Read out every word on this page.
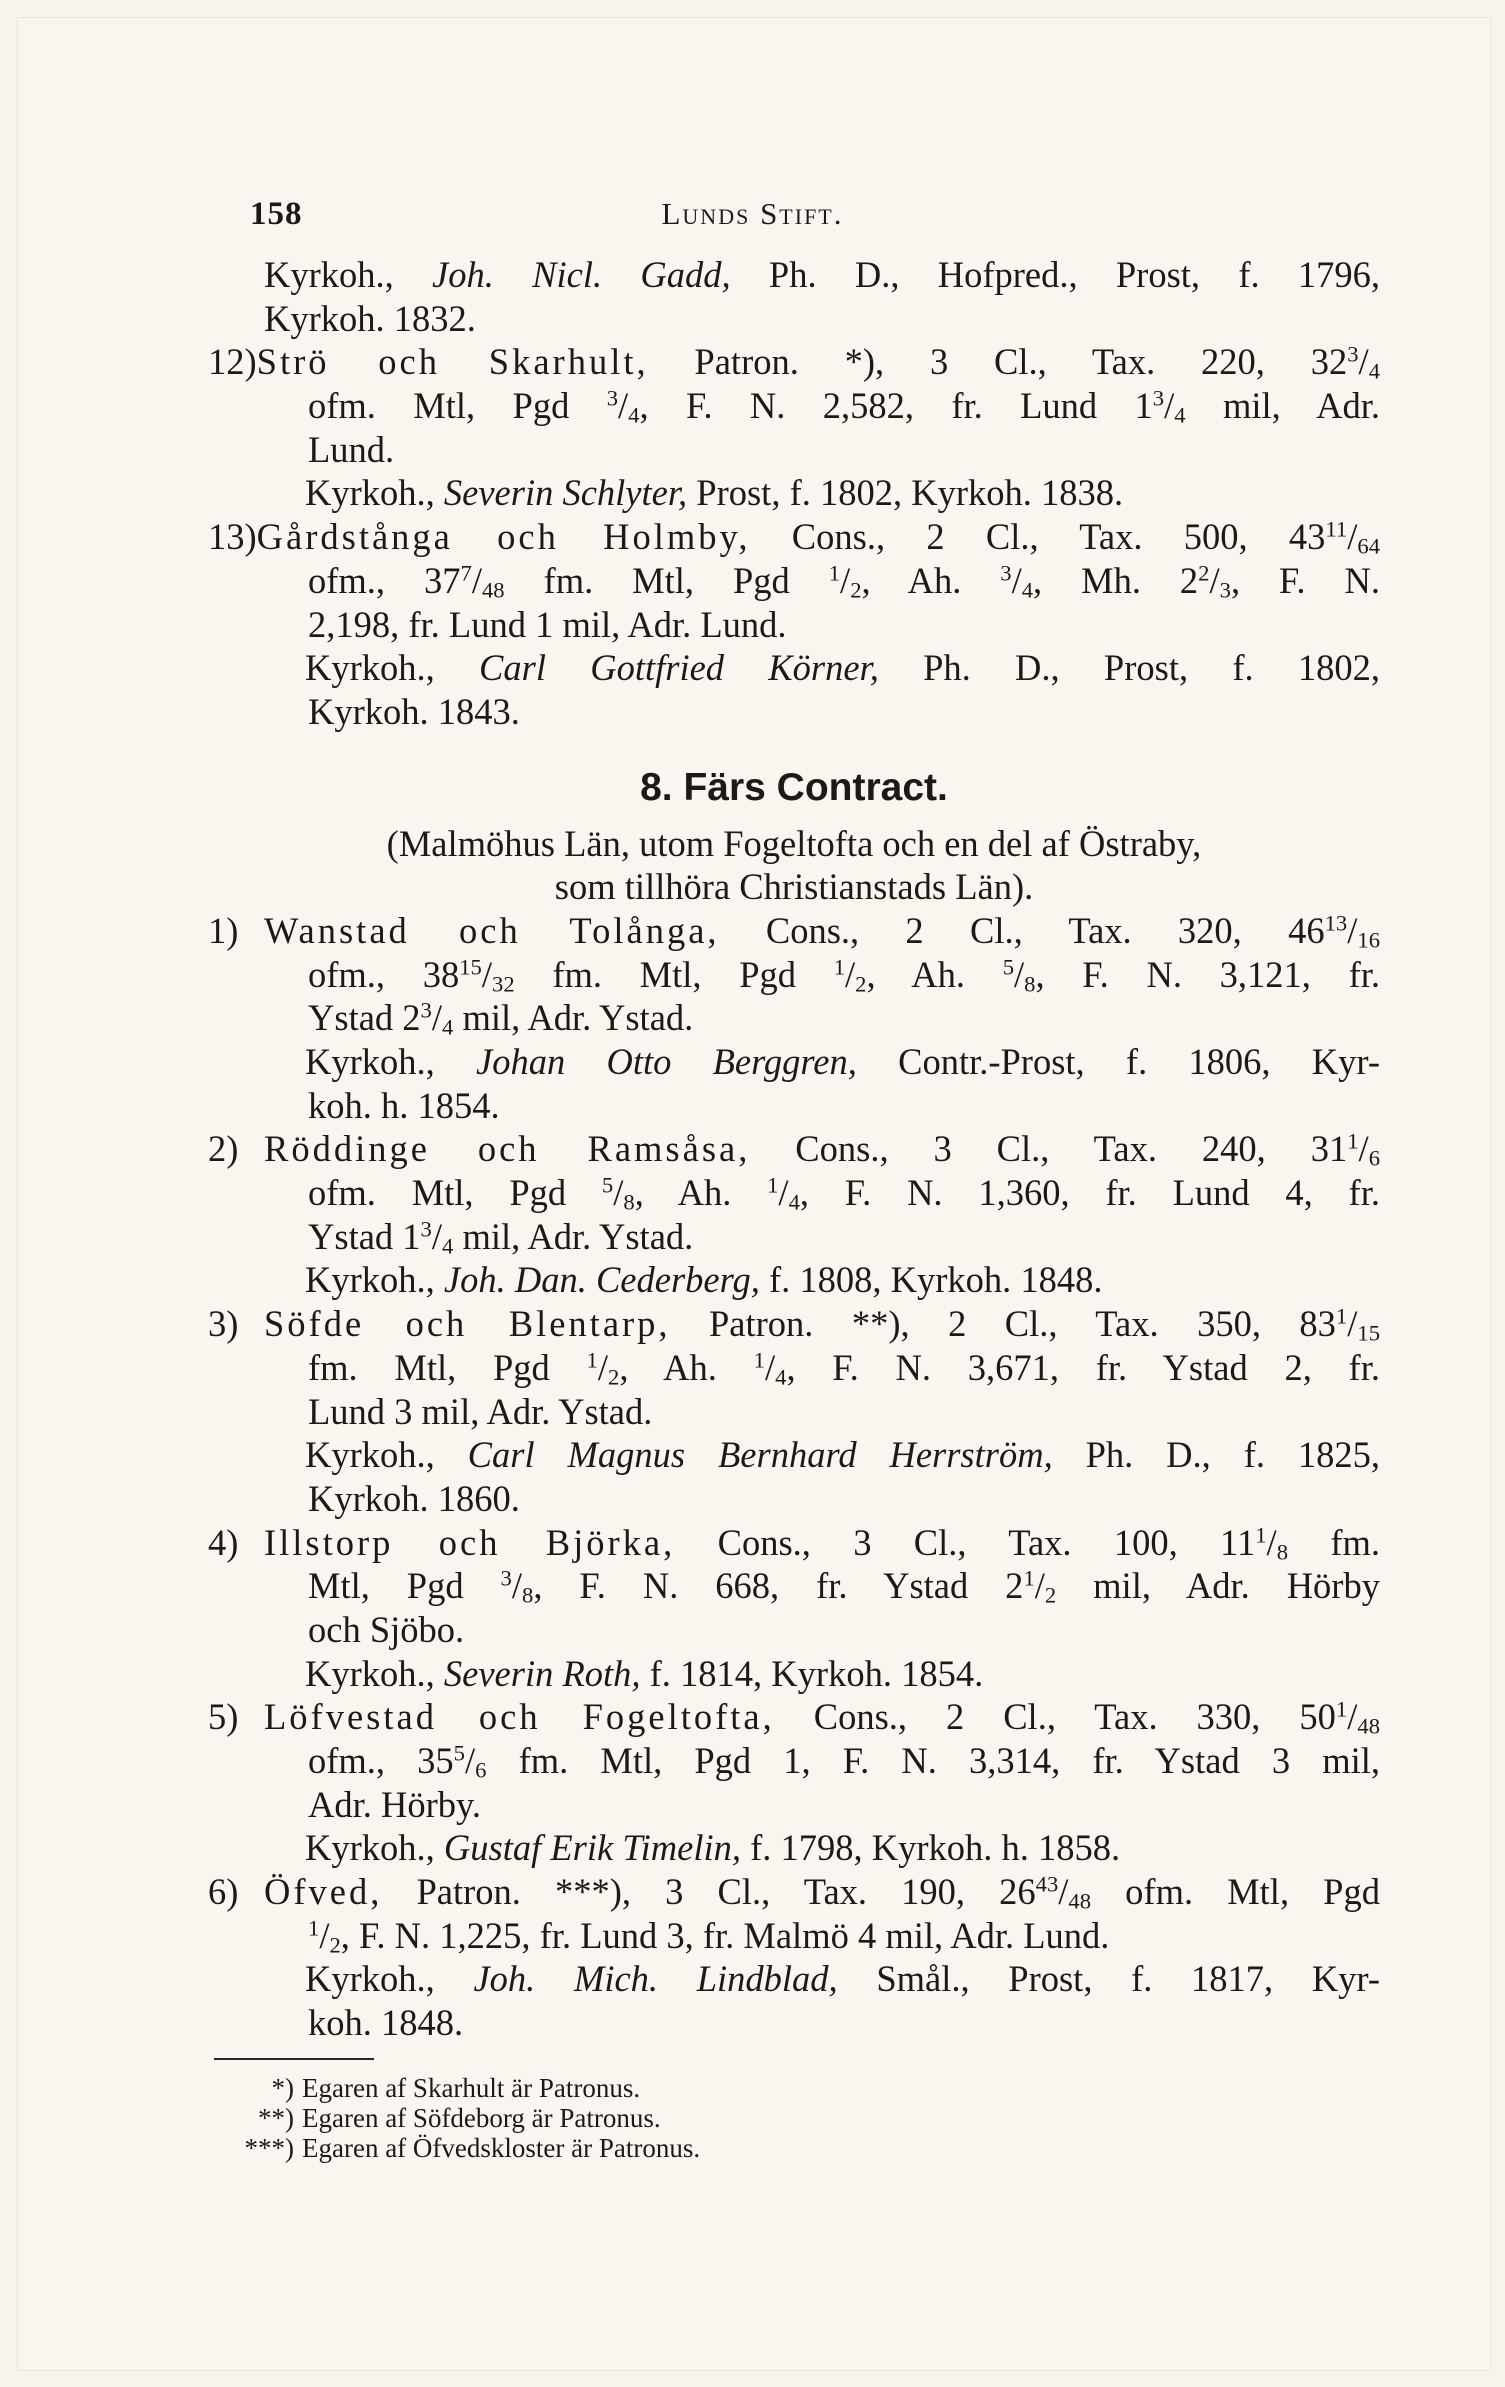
158	Lunds Stift.
Kyrkoh., Joh. Nicl. Gadd, Ph. D., Hofpred., Prost, f. 1796,
Kyrkoh. 1832.
12)Strö och Skarhult, Patron. *), 3 Cl., Tax. 220, $32^3/_4$
ofm. Mtl, Pgd $^3/_4$, F. N. 2,582, fr. Lund $1^3/_4$ mil, Adr.
Lund.
Kyrkoh., Severin Schlyter, Prost, f. 1802, Kyrkoh. 1838.
13)Gårdstånga och Holmby, Cons., 2 Cl., Tax. 500, $43^{11}/_{64}$
ofm., $37^7/_{48}$ fm. Mtl, Pgd $^1/_2$, Ah. $^3/_4$, Mh. $2^2/_3$, F. N.
2,198, fr. Lund 1 mil, Adr. Lund.
Kyrkoh., Carl Gottfried Körner, Ph. D., Prost, f. 1802,
Kyrkoh. 1843.
8. Färs Contract.
(Malmöhus Län, utom Fogeltofta och en del af Östraby,
som tillhöra Christianstads Län).
1) Wanstad och Tolånga, Cons., 2 Cl., Tax. 320, $46^{13}/_{16}$
ofm., $38^{15}/_{32}$ fm. Mtl, Pgd $^1/_2$, Ah. $^5/_8$, F. N. 3,121, fr.
Ystad $2^3/_4$ mil, Adr. Ystad.
Kyrkoh., Johan Otto Berggren, Contr.-Prost, f. 1806, Kyr-
koh. h. 1854.
2) Röddinge och Ramsåsa, Cons., 3 Cl., Tax. 240, $31^1/_6$
ofm. Mtl, Pgd $^5/_8$, Ah. $^1/_4$, F. N. 1,360, fr. Lund 4, fr.
Ystad $1^3/_4$ mil, Adr. Ystad.
Kyrkoh., Joh. Dan. Cederberg, f. 1808, Kyrkoh. 1848.
3) Söfde och Blentarp, Patron. **), 2 Cl., Tax. 350, $83^1/_{15}$
fm. Mtl, Pgd $^1/_2$, Ah. $^1/_4$, F. N. 3,671, fr. Ystad 2, fr.
Lund 3 mil, Adr. Ystad.
Kyrkoh., Carl Magnus Bernhard Herrström, Ph. D., f. 1825,
Kyrkoh. 1860.
4) Illstorp och Björka, Cons., 3 Cl., Tax. 100, $11^1/_8$ fm.
Mtl, Pgd $^3/_8$, F. N. 668, fr. Ystad $2^1/_2$ mil, Adr. Hörby
och Sjöbo.
Kyrkoh., Severin Roth, f. 1814, Kyrkoh. 1854.
5) Löfvestad och Fogeltofta, Cons., 2 Cl., Tax. 330, $50^1/_{48}$
ofm., $35^5/_6$ fm. Mtl, Pgd 1, F. N. 3,314, fr. Ystad 3 mil,
Adr. Hörby.
Kyrkoh., Gustaf Erik Timelin, f. 1798, Kyrkoh. h. 1858.
6) Öfved, Patron. ***), 3 Cl., Tax. 190, $26^{43}/_{48}$ ofm. Mtl, Pgd
$^1/_2$, F. N. 1,225, fr. Lund 3, fr. Malmö 4 mil, Adr. Lund.
Kyrkoh., Joh. Mich. Lindblad, Smål., Prost, f. 1817, Kyr-
koh. 1848.
*) Egaren af Skarhult är Patronus.
**) Egaren af Söfdeborg är Patronus.
***) Egaren af Öfvedskloster är Patronus.
